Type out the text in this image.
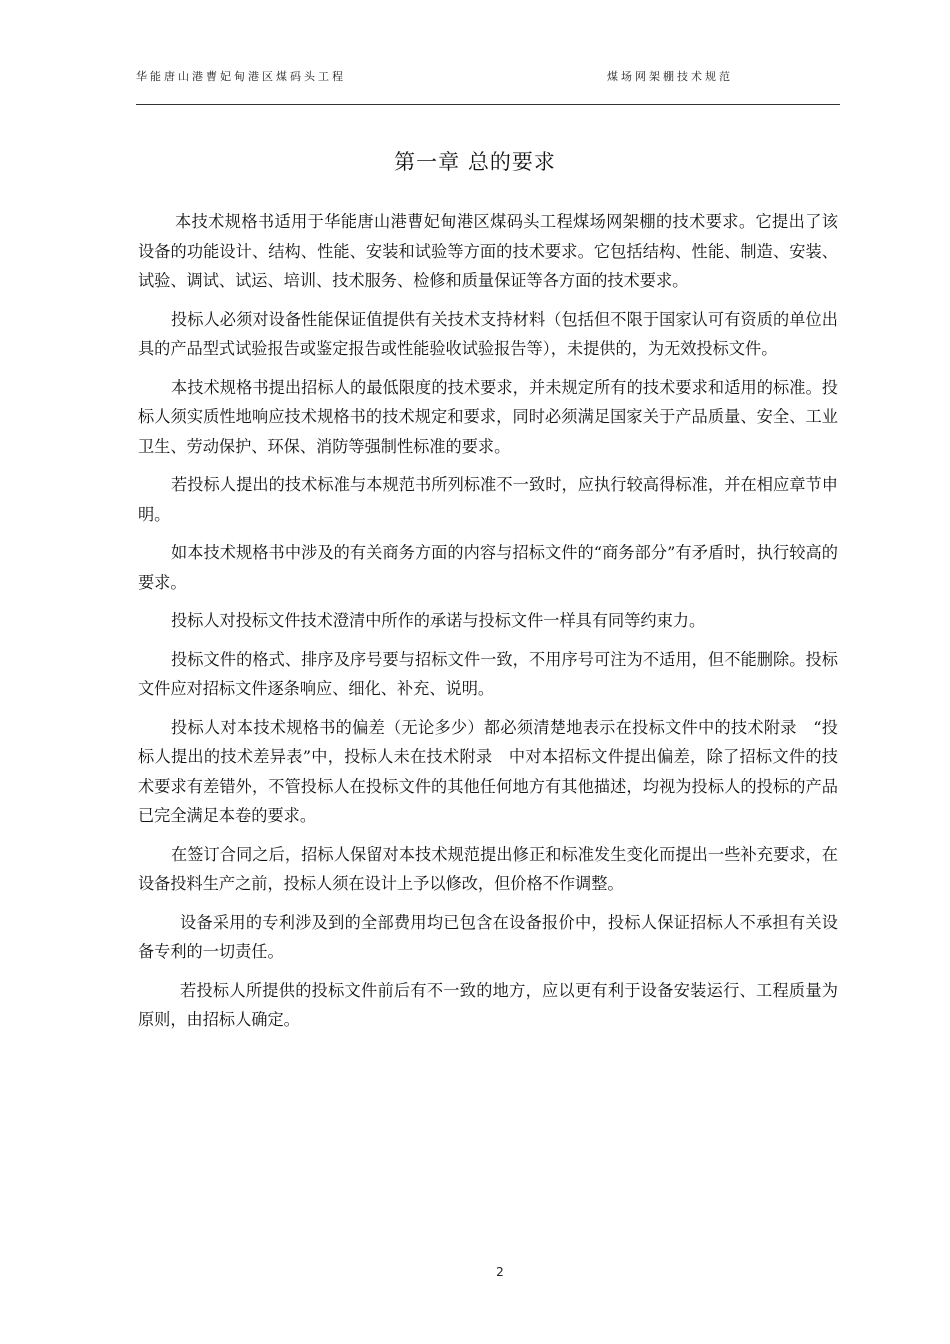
华能唐山港曹妃甸港区煤码头工程	煤场网架棚技术规范
第一章 总的要求

本技术规格书适用于华能唐山港曹妃甸港区煤码头工程煤场网架棚的技术要求。它提出了该设备的功能设计、结构、性能、安装和试验等方面的技术要求。它包括结构、性能、制造、安装、试验、调试、试运、培训、技术服务、检修和质量保证等各方面的技术要求。

投标人必须对设备性能保证值提供有关技术支持材料（包括但不限于国家认可有资质的单位出具的产品型式试验报告或鉴定报告或性能验收试验报告等），未提供的，为无效投标文件。

本技术规格书提出招标人的最低限度的技术要求，并未规定所有的技术要求和适用的标准。投标人须实质性地响应技术规格书的技术规定和要求，同时必须满足国家关于产品质量、安全、工业卫生、劳动保护、环保、消防等强制性标准的要求。

若投标人提出的技术标准与本规范书所列标准不一致时，应执行较高得标准，并在相应章节申明。

如本技术规格书中涉及的有关商务方面的内容与招标文件的“商务部分”有矛盾时，执行较高的要求。

投标人对投标文件技术澄清中所作的承诺与投标文件一样具有同等约束力。

投标文件的格式、排序及序号要与招标文件一致，不用序号可注为不适用，但不能删除。投标文件应对招标文件逐条响应、细化、补充、说明。

投标人对本技术规格书的偏差（无论多少）都必须清楚地表示在投标文件中的技术附录　“投标人提出的技术差异表”中，投标人未在技术附录　中对本招标文件提出偏差，除了招标文件的技术要求有差错外，不管投标人在投标文件的其他任何地方有其他描述，均视为投标人的投标的产品已完全满足本卷的要求。

在签订合同之后，招标人保留对本技术规范提出修正和标准发生变化而提出一些补充要求，在设备投料生产之前，投标人须在设计上予以修改，但价格不作调整。

设备采用的专利涉及到的全部费用均已包含在设备报价中，投标人保证招标人不承担有关设备专利的一切责任。

若投标人所提供的投标文件前后有不一致的地方，应以更有利于设备安装运行、工程质量为原则，由招标人确定。

2
